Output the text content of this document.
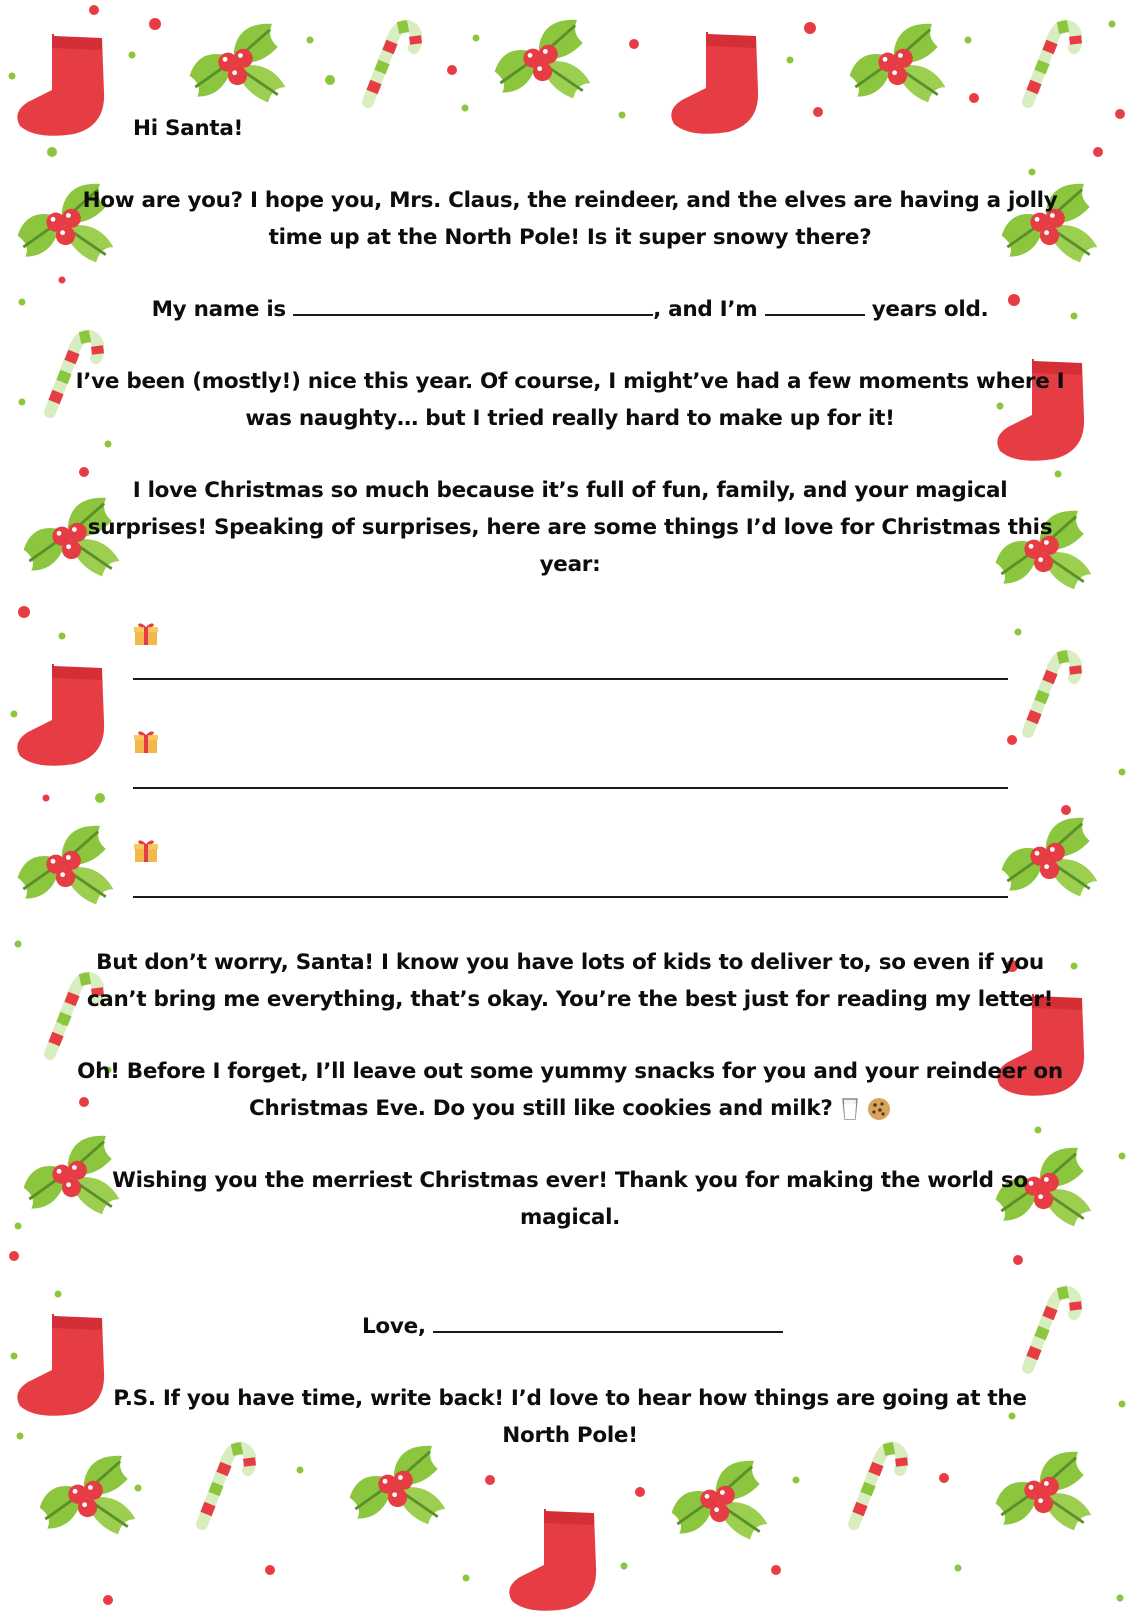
Hi Santa!

How are you? I hope you, Mrs. Claus, the reindeer, and the elves are having a jolly

time up at the North Pole! Is it super snowy there?

My name is	, and I’m	years old.

I’ve been (mostly!) nice this year. Of course, I might’ve had a few moments where I

was naughty… but I tried really hard to make up for it!

I love Christmas so much because it’s full of fun, family, and your magical

surprises! Speaking of surprises, here are some things I’d love for Christmas this

year:

But don’t worry, Santa! I know you have lots of kids to deliver to, so even if you

can’t bring me everything, that’s okay. You’re the best just for reading my letter!

Oh! Before I forget, I’ll leave out some yummy snacks for you and your reindeer on

Christmas Eve. Do you still like cookies and milk?

Wishing you the merriest Christmas ever! Thank you for making the world so

magical.

Love,

P.S. If you have time, write back! I’d love to hear how things are going at the

North Pole!
